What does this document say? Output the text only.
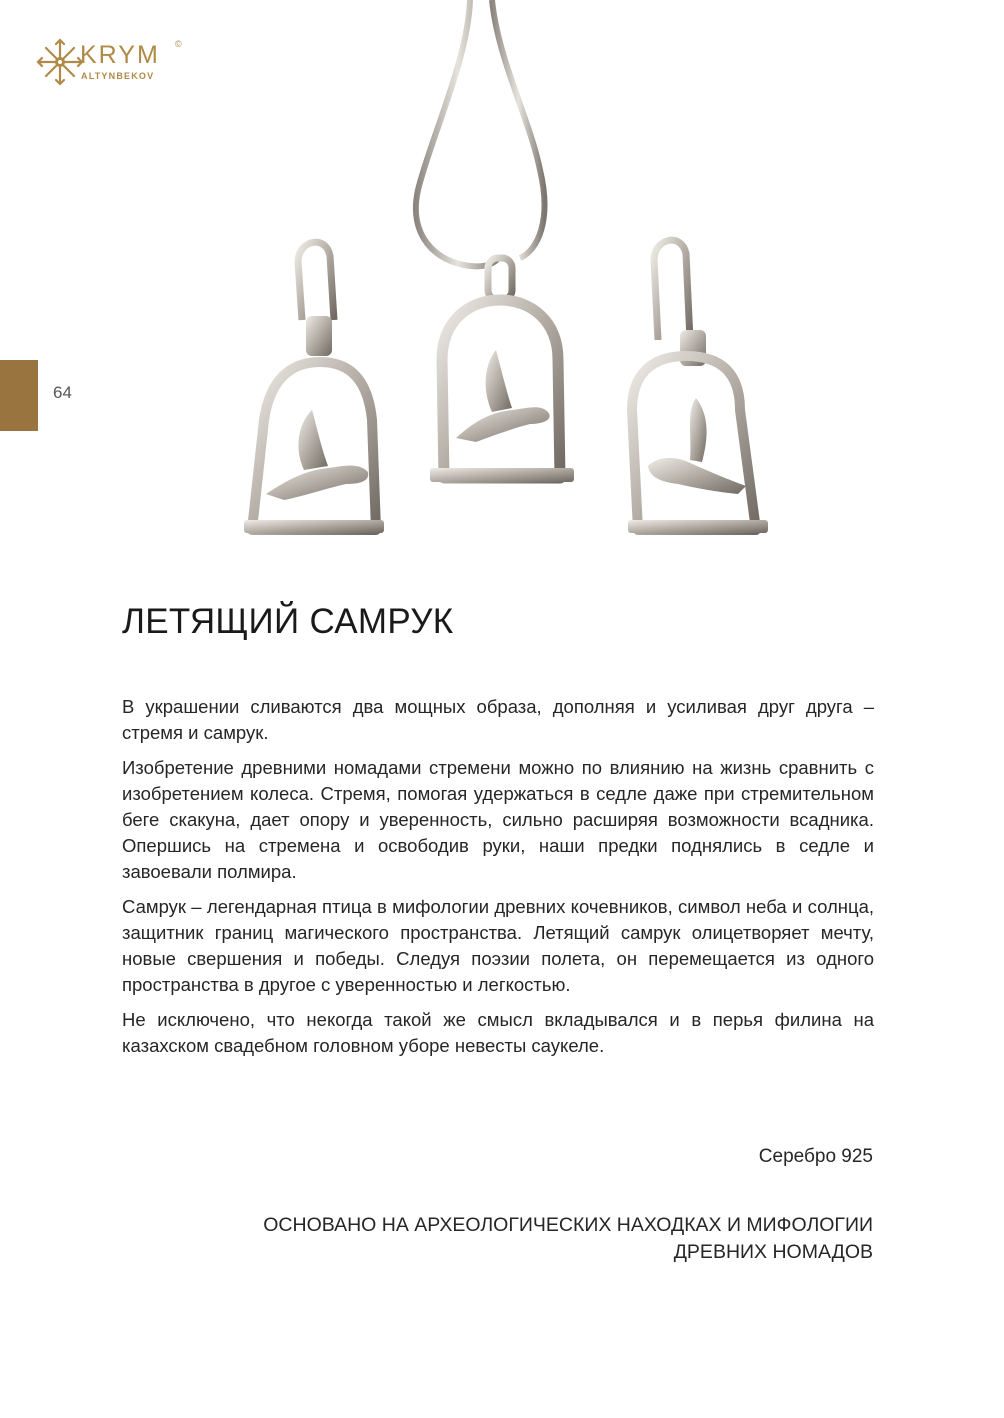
KRYM ©
ALTYNBEKOV
64
ЛЕТЯЩИЙ САМРУК

В украшении сливаются два мощных образа, дополняя и усиливая друг друга – стремя и самрук.

Изобретение древними номадами стремени можно по влиянию на жизнь сравнить с изобретением колеса. Стремя, помогая удержаться в седле даже при стремительном беге скакуна, дает опору и уверенность, сильно расширяя возможности всадника. Опершись на стремена и освободив руки, наши предки поднялись в седле и завоевали полмира.

Самрук – легендарная птица в мифологии древних кочевников, символ неба и солнца, защитник границ магического пространства. Летящий самрук олицетворяет мечту, новые свершения и победы. Следуя поэзии полета, он перемещается из одного пространства в другое с уверенностью и легкостью.

Не исключено, что некогда такой же смысл вкладывался и в перья филина на казахском свадебном головном уборе невесты саукеле.

Серебро 925
ОСНОВАНО НА АРХЕОЛОГИЧЕСКИХ НАХОДКАХ И МИФОЛОГИИ
ДРЕВНИХ НОМАДОВ
